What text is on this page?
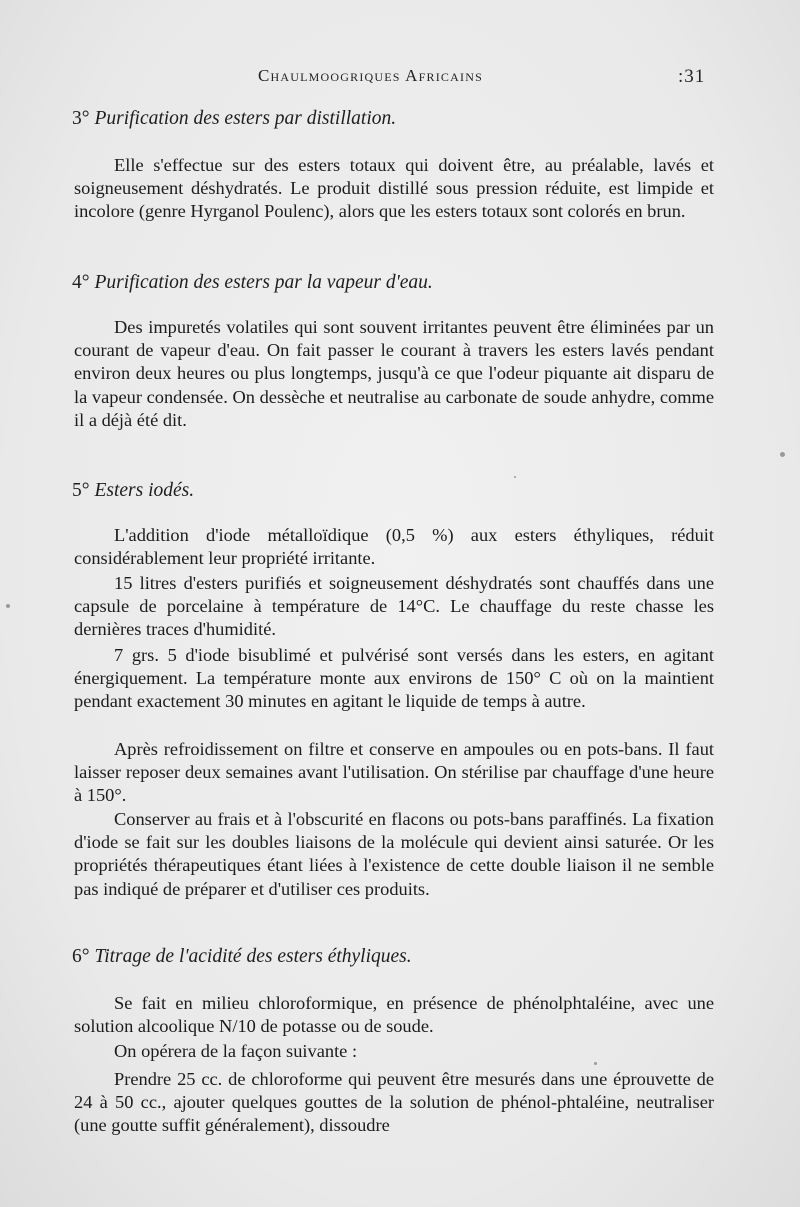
Chaulmoogriques Africains	:31
3° Purification des esters par distillation.

Elle s'effectue sur des esters totaux qui doivent être, au préalable, lavés et soigneusement déshydratés. Le produit distillé sous pression réduite, est limpide et incolore (genre Hyrganol Poulenc), alors que les esters totaux sont colorés en brun.

4° Purification des esters par la vapeur d'eau.

Des impuretés volatiles qui sont souvent irritantes peuvent être éliminées par un courant de vapeur d'eau. On fait passer le courant à travers les esters lavés pendant environ deux heures ou plus longtemps, jusqu'à ce que l'odeur piquante ait disparu de la vapeur condensée. On dessèche et neutralise au carbonate de soude anhydre, comme il a déjà été dit.

5° Esters iodés.

L'addition d'iode métalloïdique (0,5 %) aux esters éthyliques, réduit considérablement leur propriété irritante.

15 litres d'esters purifiés et soigneusement déshydratés sont chauffés dans une capsule de porcelaine à température de 14°C. Le chauffage du reste chasse les dernières traces d'humidité.

7 grs. 5 d'iode bisublimé et pulvérisé sont versés dans les esters, en agitant énergiquement. La température monte aux environs de 150° C où on la maintient pendant exactement 30 minutes en agitant le liquide de temps à autre.

Après refroidissement on filtre et conserve en ampoules ou en pots-bans. Il faut laisser reposer deux semaines avant l'utilisation. On stérilise par chauffage d'une heure à 150°.

Conserver au frais et à l'obscurité en flacons ou pots-bans paraffinés. La fixation d'iode se fait sur les doubles liaisons de la molécule qui devient ainsi saturée. Or les propriétés thérapeutiques étant liées à l'existence de cette double liaison il ne semble pas indiqué de préparer et d'utiliser ces produits.

6° Titrage de l'acidité des esters éthyliques.

Se fait en milieu chloroformique, en présence de phénolphtaléine, avec une solution alcoolique N/10 de potasse ou de soude.

On opérera de la façon suivante :

Prendre 25 cc. de chloroforme qui peuvent être mesurés dans une éprouvette de 24 à 50 cc., ajouter quelques gouttes de la solution de phénol-phtaléine, neutraliser (une goutte suffit généralement), dissoudre
